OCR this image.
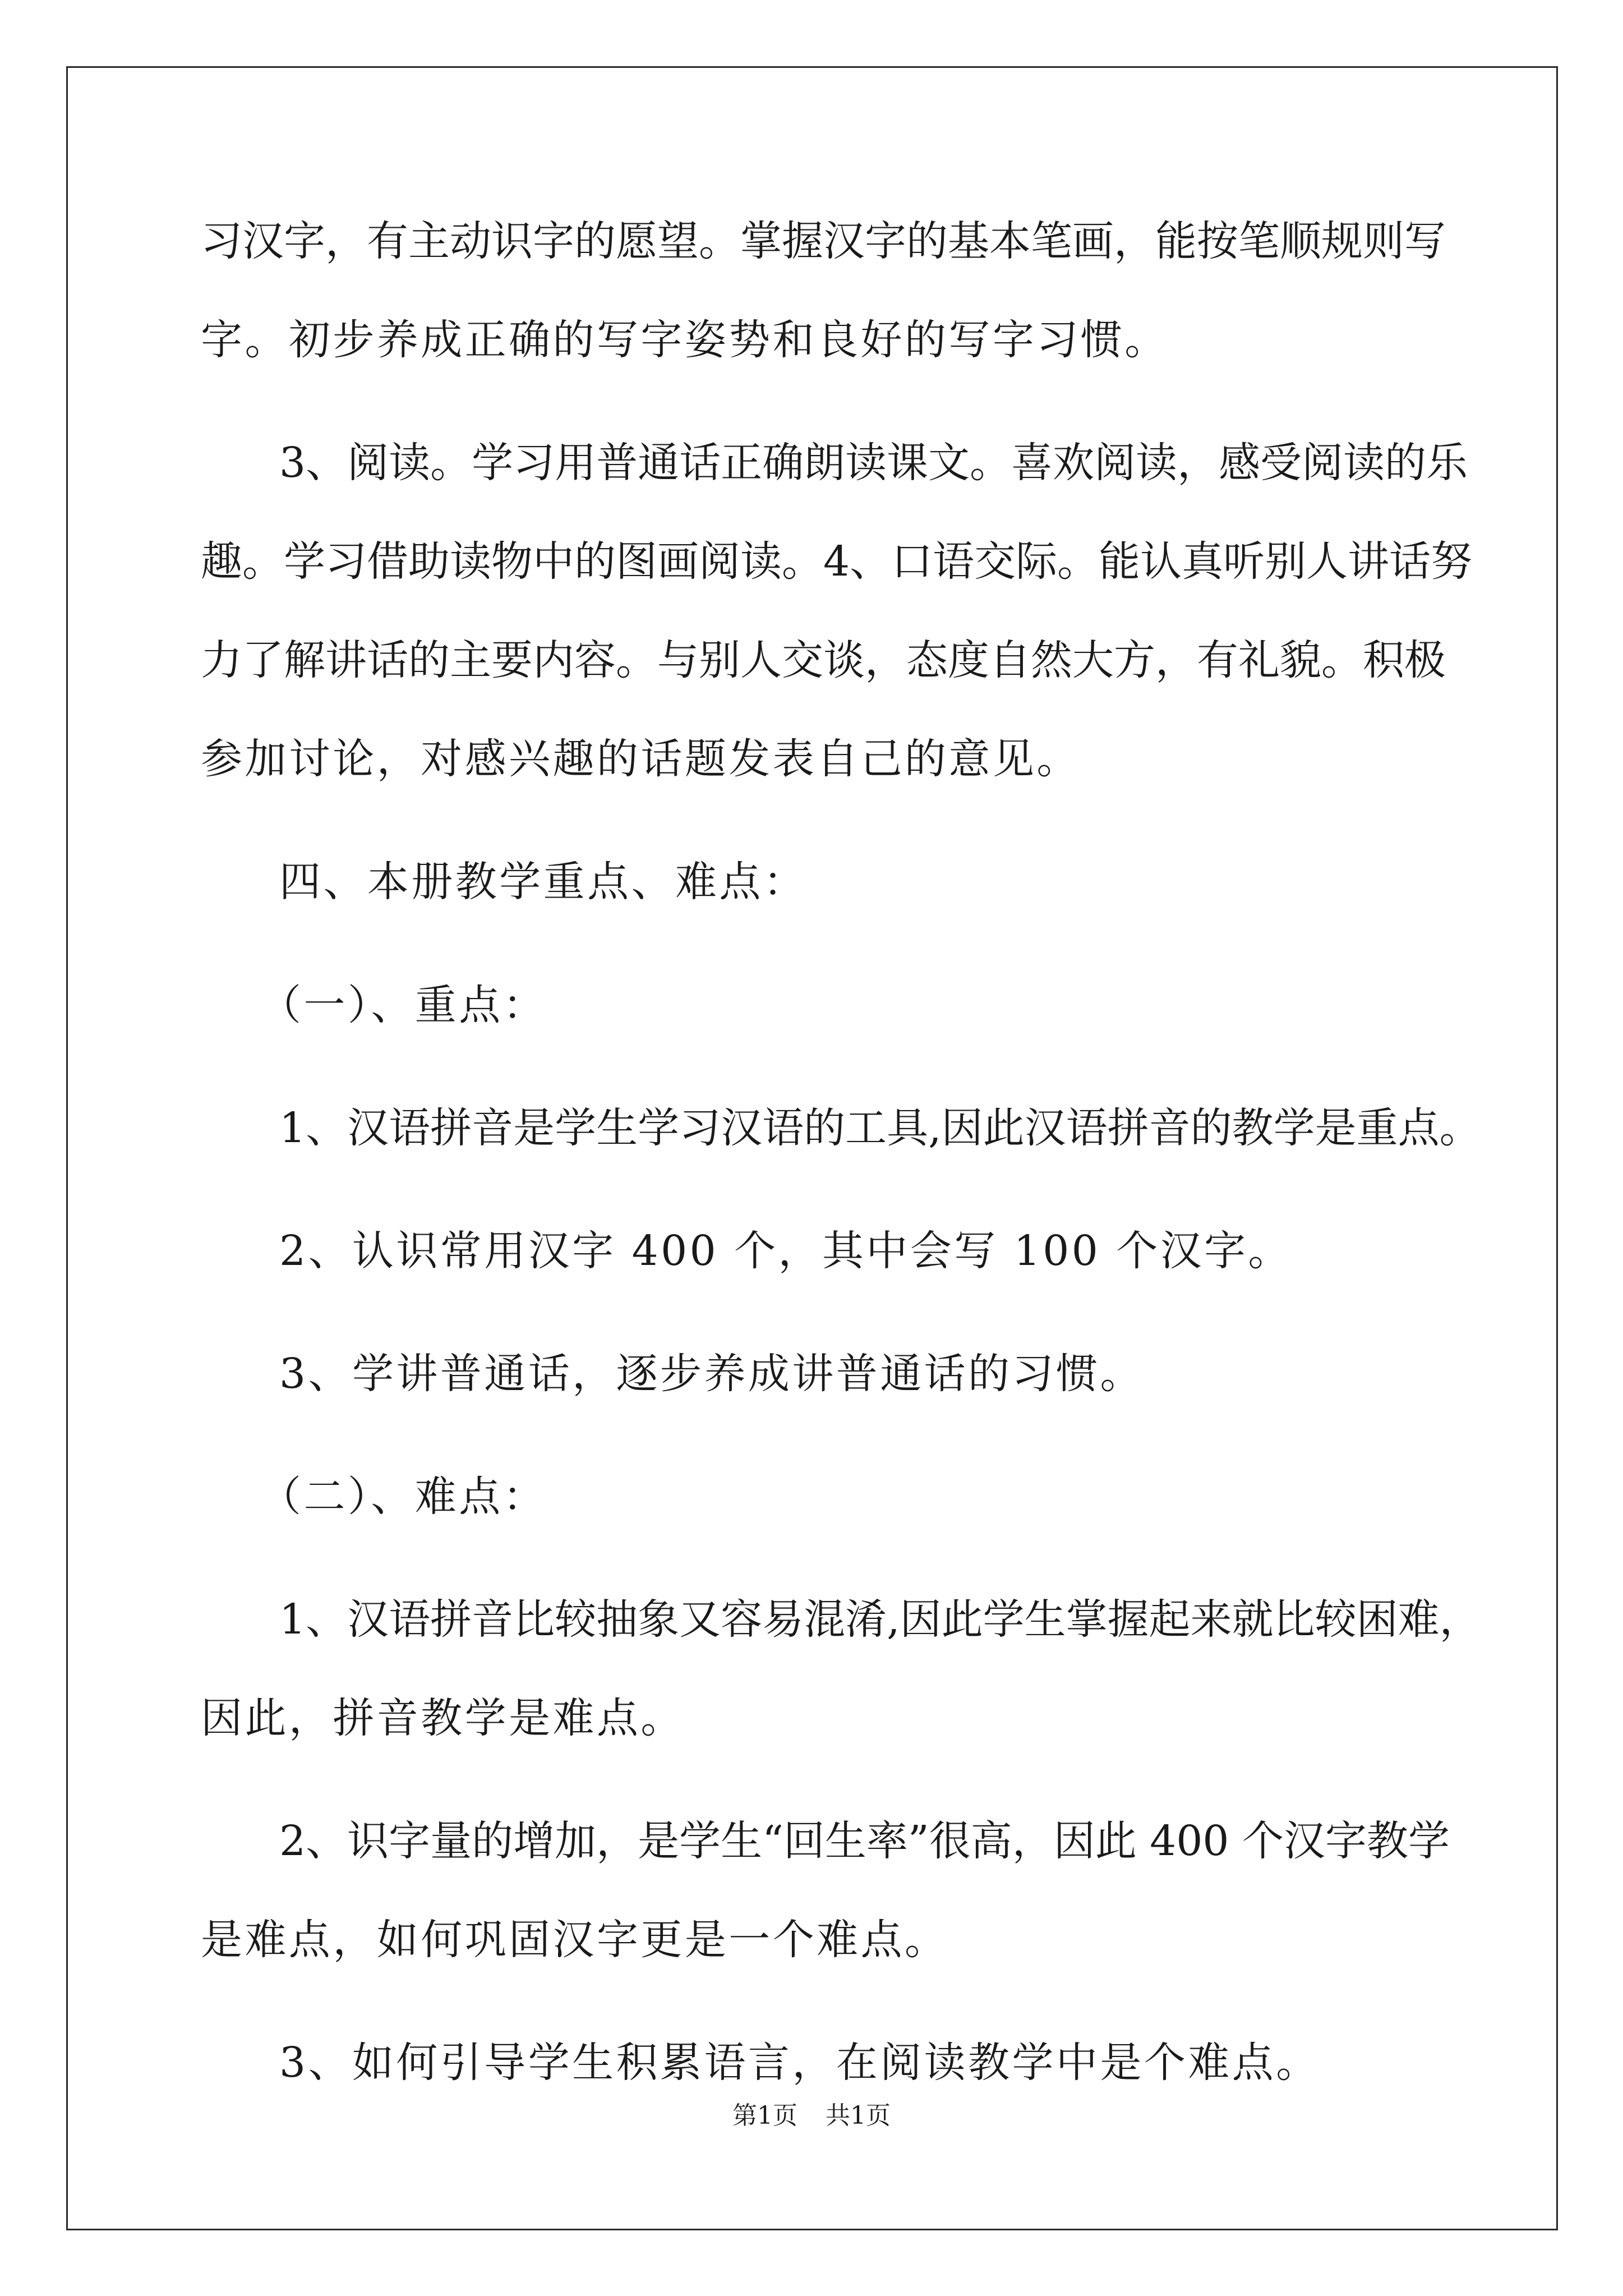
习汉字，有主动识字的愿望。掌握汉字的基本笔画，能按笔顺规则写
字。初步养成正确的写字姿势和良好的写字习惯。
3、阅读。学习用普通话正确朗读课文。喜欢阅读，感受阅读的乐
趣。学习借助读物中的图画阅读。4、口语交际。能认真听别人讲话努
力了解讲话的主要内容。与别人交谈，态度自然大方，有礼貌。积极
参加讨论，对感兴趣的话题发表自己的意见。
四、本册教学重点、难点：
（一）、重点：
1、汉语拼音是学生学习汉语的工具,因此汉语拼音的教学是重点。
2、认识常用汉字 400 个，其中会写 100 个汉字。
3、学讲普通话，逐步养成讲普通话的习惯。
（二）、难点：
1、汉语拼音比较抽象又容易混淆,因此学生掌握起来就比较困难，
因此，拼音教学是难点。
2、识字量的增加，是学生“回生率”很高，因此 400 个汉字教学
是难点，如何巩固汉字更是一个难点。
3、如何引导学生积累语言，在阅读教学中是个难点。
第1页 共1页
